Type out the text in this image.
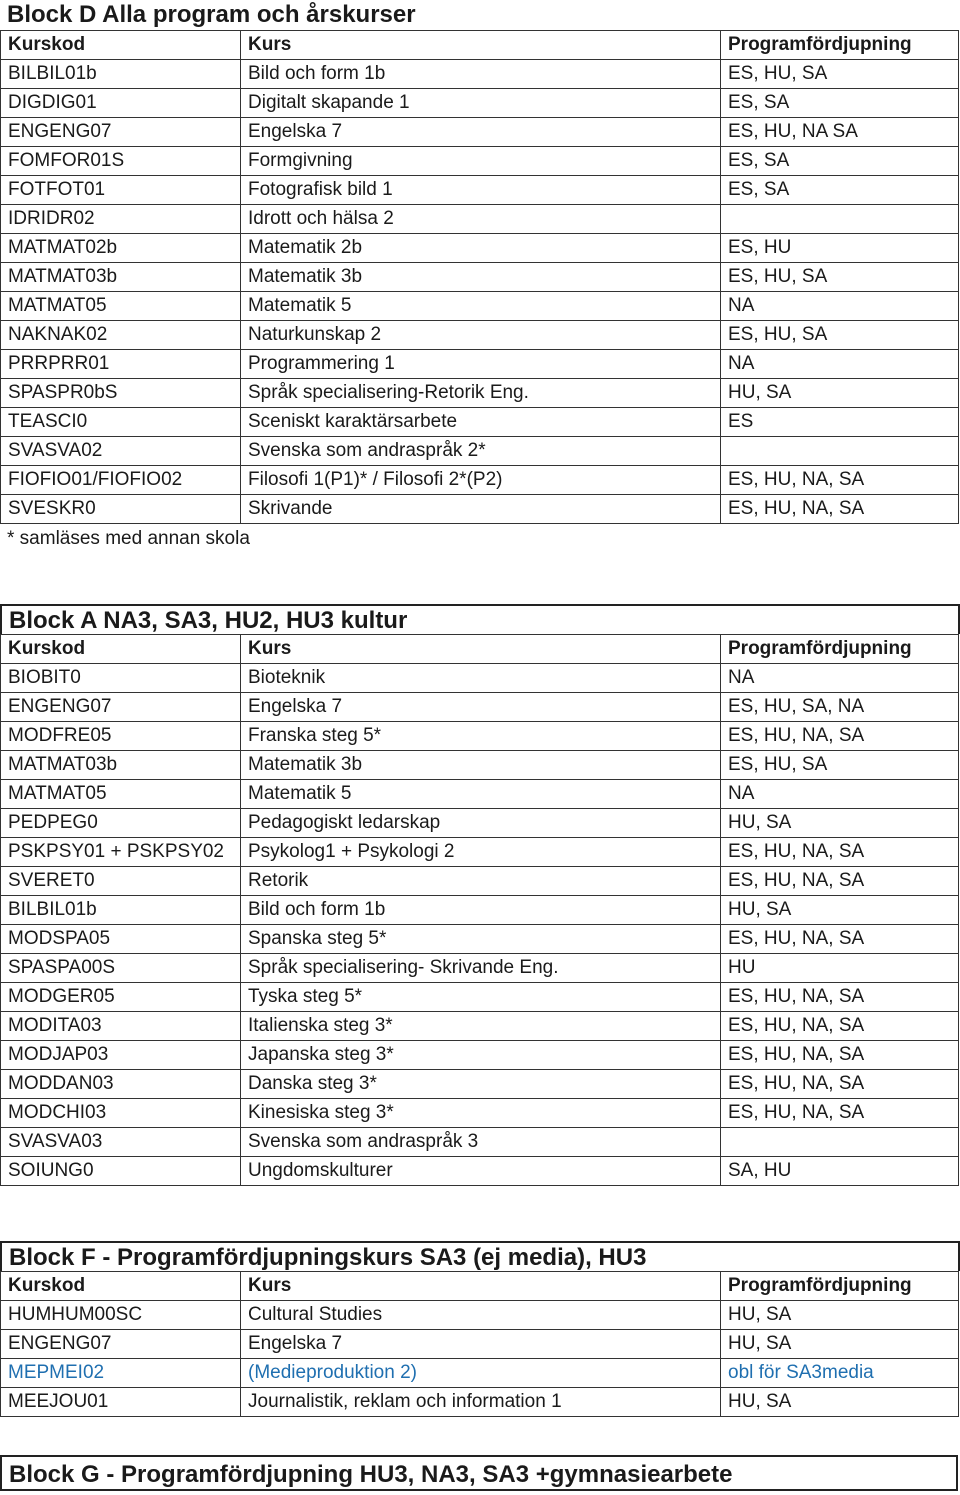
Block D Alla program och årskurser
Kurskod	Kurs	Programfördjupning
BILBIL01b	Bild och form 1b	ES, HU, SA
DIGDIG01	Digitalt skapande 1	ES, SA
ENGENG07	Engelska 7	ES, HU, NA SA
FOMFOR01S	Formgivning	ES, SA
FOTFOT01	Fotografisk bild 1	ES, SA
IDRIDR02	Idrott och hälsa 2	
MATMAT02b	Matematik 2b	ES, HU
MATMAT03b	Matematik 3b	ES, HU, SA
MATMAT05	Matematik 5	NA
NAKNAK02	Naturkunskap 2	ES, HU, SA
PRRPRR01	Programmering 1	NA
SPASPR0bS	Språk specialisering-Retorik Eng.	HU, SA
TEASCI0	Sceniskt karaktärsarbete	ES
SVASVA02	Svenska som andraspråk 2*	
FIOFIO01/FIOFIO02	Filosofi 1(P1)* / Filosofi 2*(P2)	ES, HU, NA, SA
SVESKR0	Skrivande	ES, HU, NA, SA
* samläses med annan skola
Block A NA3, SA3, HU2, HU3 kultur
Kurskod	Kurs	Programfördjupning
BIOBIT0	Bioteknik	NA
ENGENG07	Engelska 7	ES, HU, SA, NA
MODFRE05	Franska steg 5*	ES, HU, NA, SA
MATMAT03b	Matematik 3b	ES, HU, SA
MATMAT05	Matematik 5	NA
PEDPEG0	Pedagogiskt ledarskap	HU, SA
PSKPSY01 + PSKPSY02	Psykolog1 + Psykologi 2	ES, HU, NA, SA
SVERET0	Retorik	ES, HU, NA, SA
BILBIL01b	Bild och form 1b	HU, SA
MODSPA05	Spanska steg 5*	ES, HU, NA, SA
SPASPA00S	Språk specialisering- Skrivande Eng.	HU
MODGER05	Tyska steg 5*	ES, HU, NA, SA
MODITA03	Italienska steg 3*	ES, HU, NA, SA
MODJAP03	Japanska steg 3*	ES, HU, NA, SA
MODDAN03	Danska steg 3*	ES, HU, NA, SA
MODCHI03	Kinesiska steg 3*	ES, HU, NA, SA
SVASVA03	Svenska som andraspråk 3	
SOIUNG0	Ungdomskulturer	SA, HU
Block F - Programfördjupningskurs SA3 (ej media), HU3
Kurskod	Kurs	Programfördjupning
HUMHUM00SC	Cultural Studies	HU, SA
ENGENG07	Engelska 7	HU, SA
MEPMEI02	(Medieproduktion 2)	obl för SA3media
MEEJOU01	Journalistik, reklam och information 1	HU, SA
Block G - Programfördjupning HU3, NA3, SA3 +gymnasiearbete
